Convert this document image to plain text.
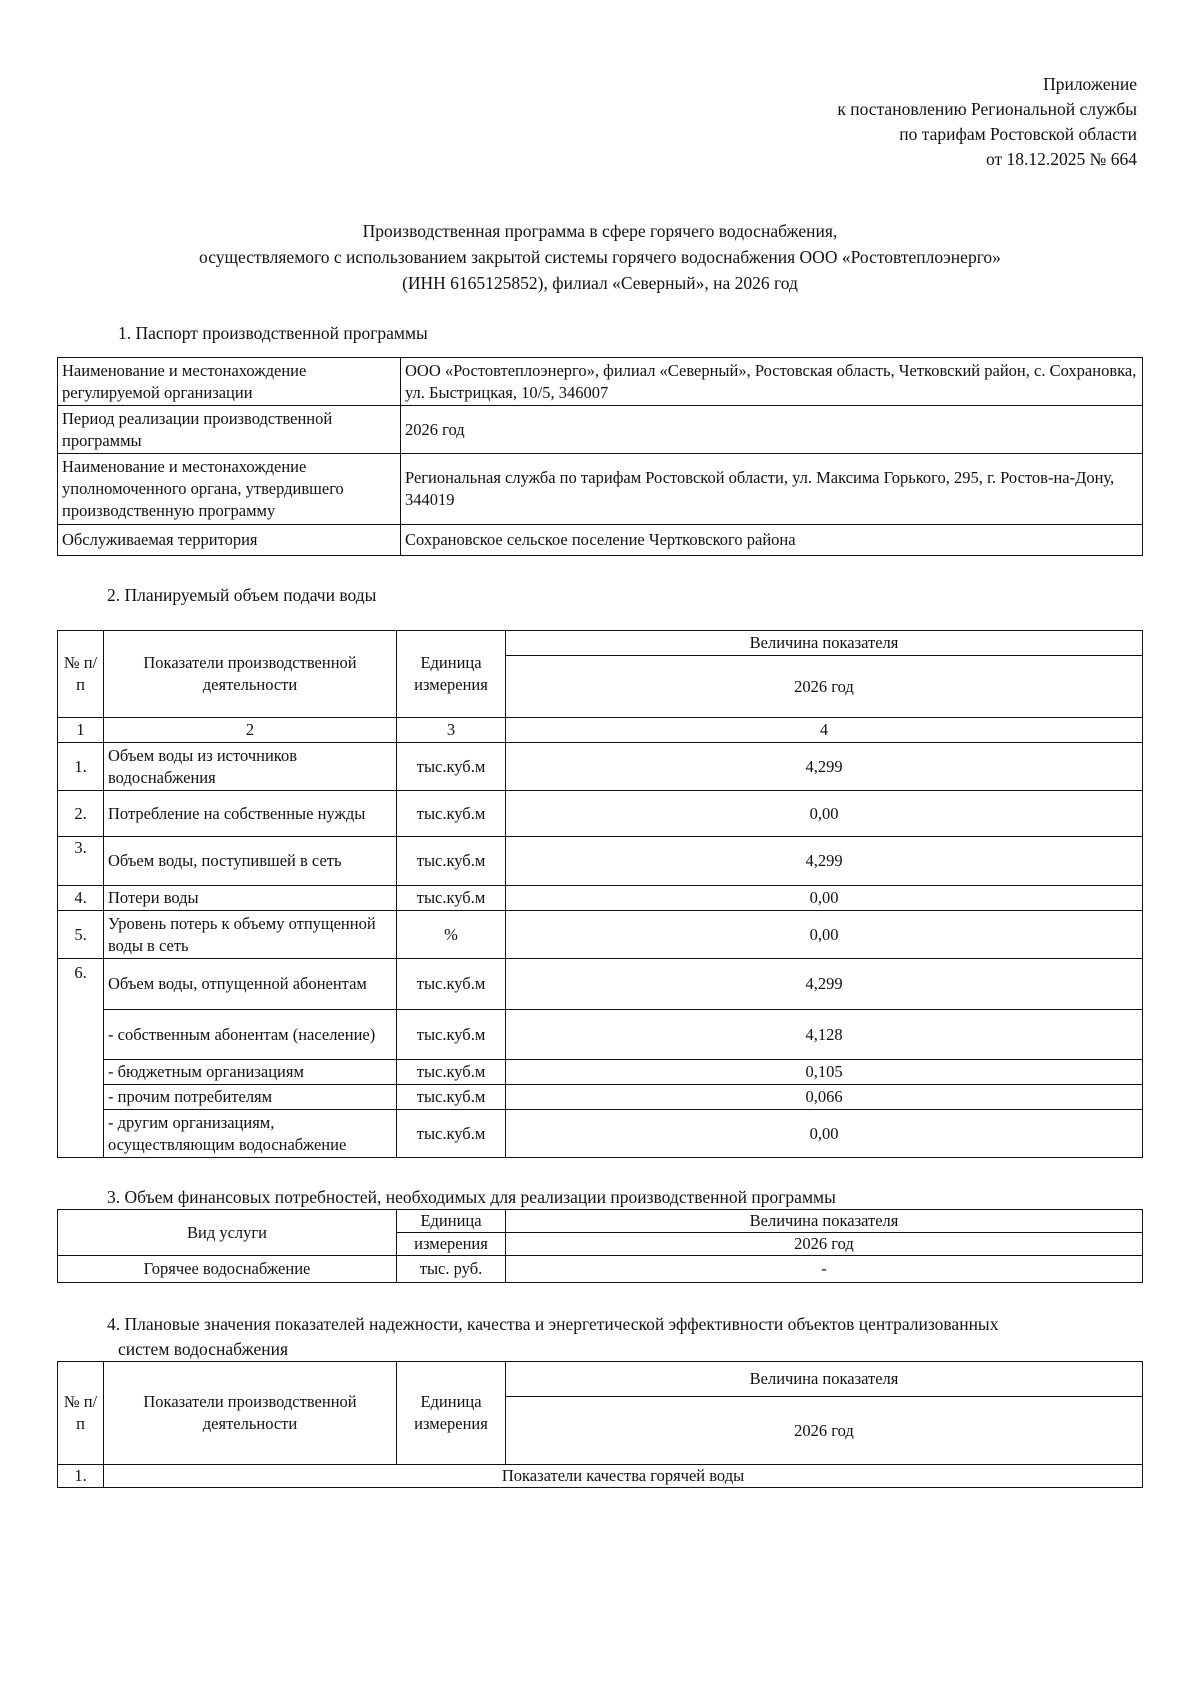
Приложение
к постановлению Региональной службы
по тарифам Ростовской области
от 18.12.2025 № 664
Производственная программа в сфере горячего водоснабжения,
осуществляемого с использованием закрытой системы горячего водоснабжения ООО «Ростовтеплоэнерго»
(ИНН 6165125852), филиал «Северный», на 2026 год
1. Паспорт производственной программы
Наименование и местонахождение регулируемой организации	ООО «Ростовтеплоэнерго», филиал «Северный», Ростовская область, Четковский район, с. Сохрановка, ул. Быстрицкая, 10/5, 346007
Период реализации производственной программы	2026 год
Наименование и местонахождение уполномоченного органа, утвердившего производственную программу	Региональная служба по тарифам Ростовской области, ул. Максима Горького, 295, г. Ростов-на-Дону, 344019
Обслуживаемая территория	Сохрановское сельское поселение Чертковского района
2. Планируемый объем подачи воды
№ п/п	Показатели производственной деятельности	Единица измерения	Величина показателя
			2026 год
1	2	3	4
1.	Объем воды из источников водоснабжения	тыс.куб.м	4,299
2.	Потребление на собственные нужды	тыс.куб.м	0,00
3.	Объем воды, поступившей в сеть	тыс.куб.м	4,299
4.	Потери воды	тыс.куб.м	0,00
5.	Уровень потерь к объему отпущенной воды в сеть	%	0,00
6.	Объем воды, отпущенной абонентам	тыс.куб.м	4,299
	- собственным абонентам (население)	тыс.куб.м	4,128
	- бюджетным организациям	тыс.куб.м	0,105
	- прочим потребителям	тыс.куб.м	0,066
	- другим организациям, осуществляющим водоснабжение	тыс.куб.м	0,00
3. Объем финансовых потребностей, необходимых для реализации производственной программы
Вид услуги	Единица	Величина показателя
	измерения	2026 год
Горячее водоснабжение	тыс. руб.	-
4. Плановые значения показателей надежности, качества и энергетической эффективности объектов централизованных
систем водоснабжения
№ п/п	Показатели производственной деятельности	Единица измерения	Величина показателя
			2026 год
1.	Показатели качества горячей воды		
